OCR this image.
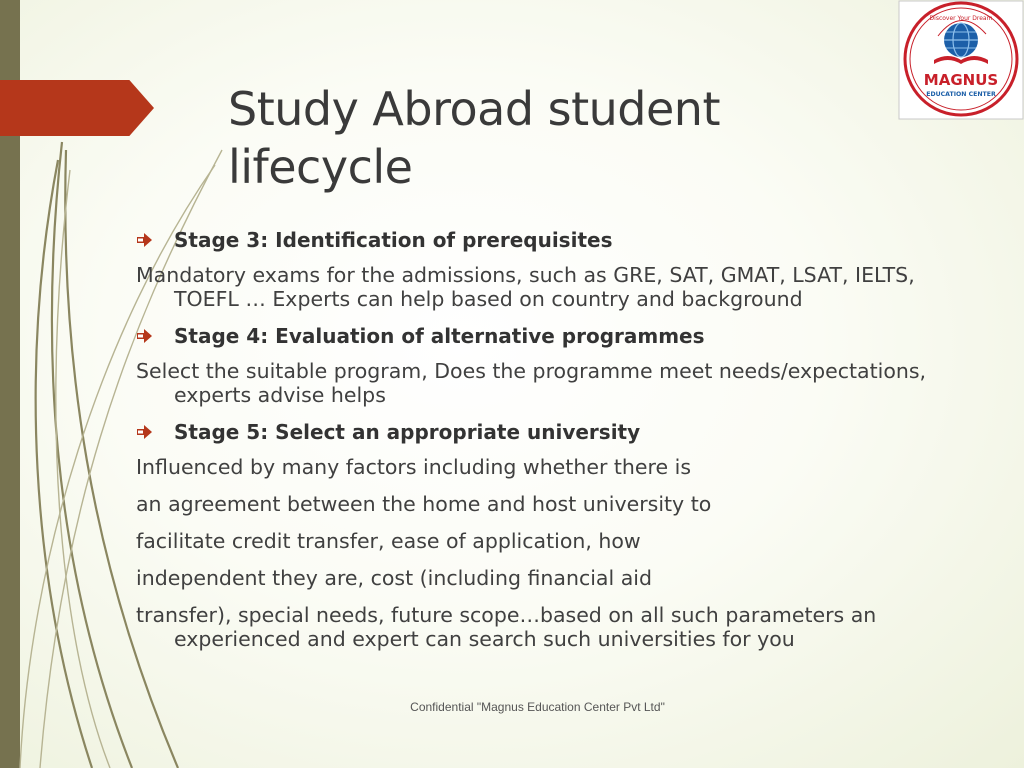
Study Abroad student lifecycle
Discover Your Dream
MAGNUS
EDUCATION CENTER
Stage 3: Identification of prerequisites
Mandatory exams for the admissions, such as GRE, SAT, GMAT, LSAT, IELTS, TOEFL … Experts can help based on country and background
Stage 4: Evaluation of alternative programmes
Select the suitable program, Does the programme meet needs/expectations, experts advise helps
Stage 5: Select an appropriate university
Influenced by many factors including whether there is
an agreement between the home and host university to
facilitate credit transfer, ease of application, how
independent they are, cost (including financial aid
transfer), special needs, future scope…based on all such parameters an experienced and expert can search such universities for you
Confidential "Magnus Education Center Pvt Ltd"
